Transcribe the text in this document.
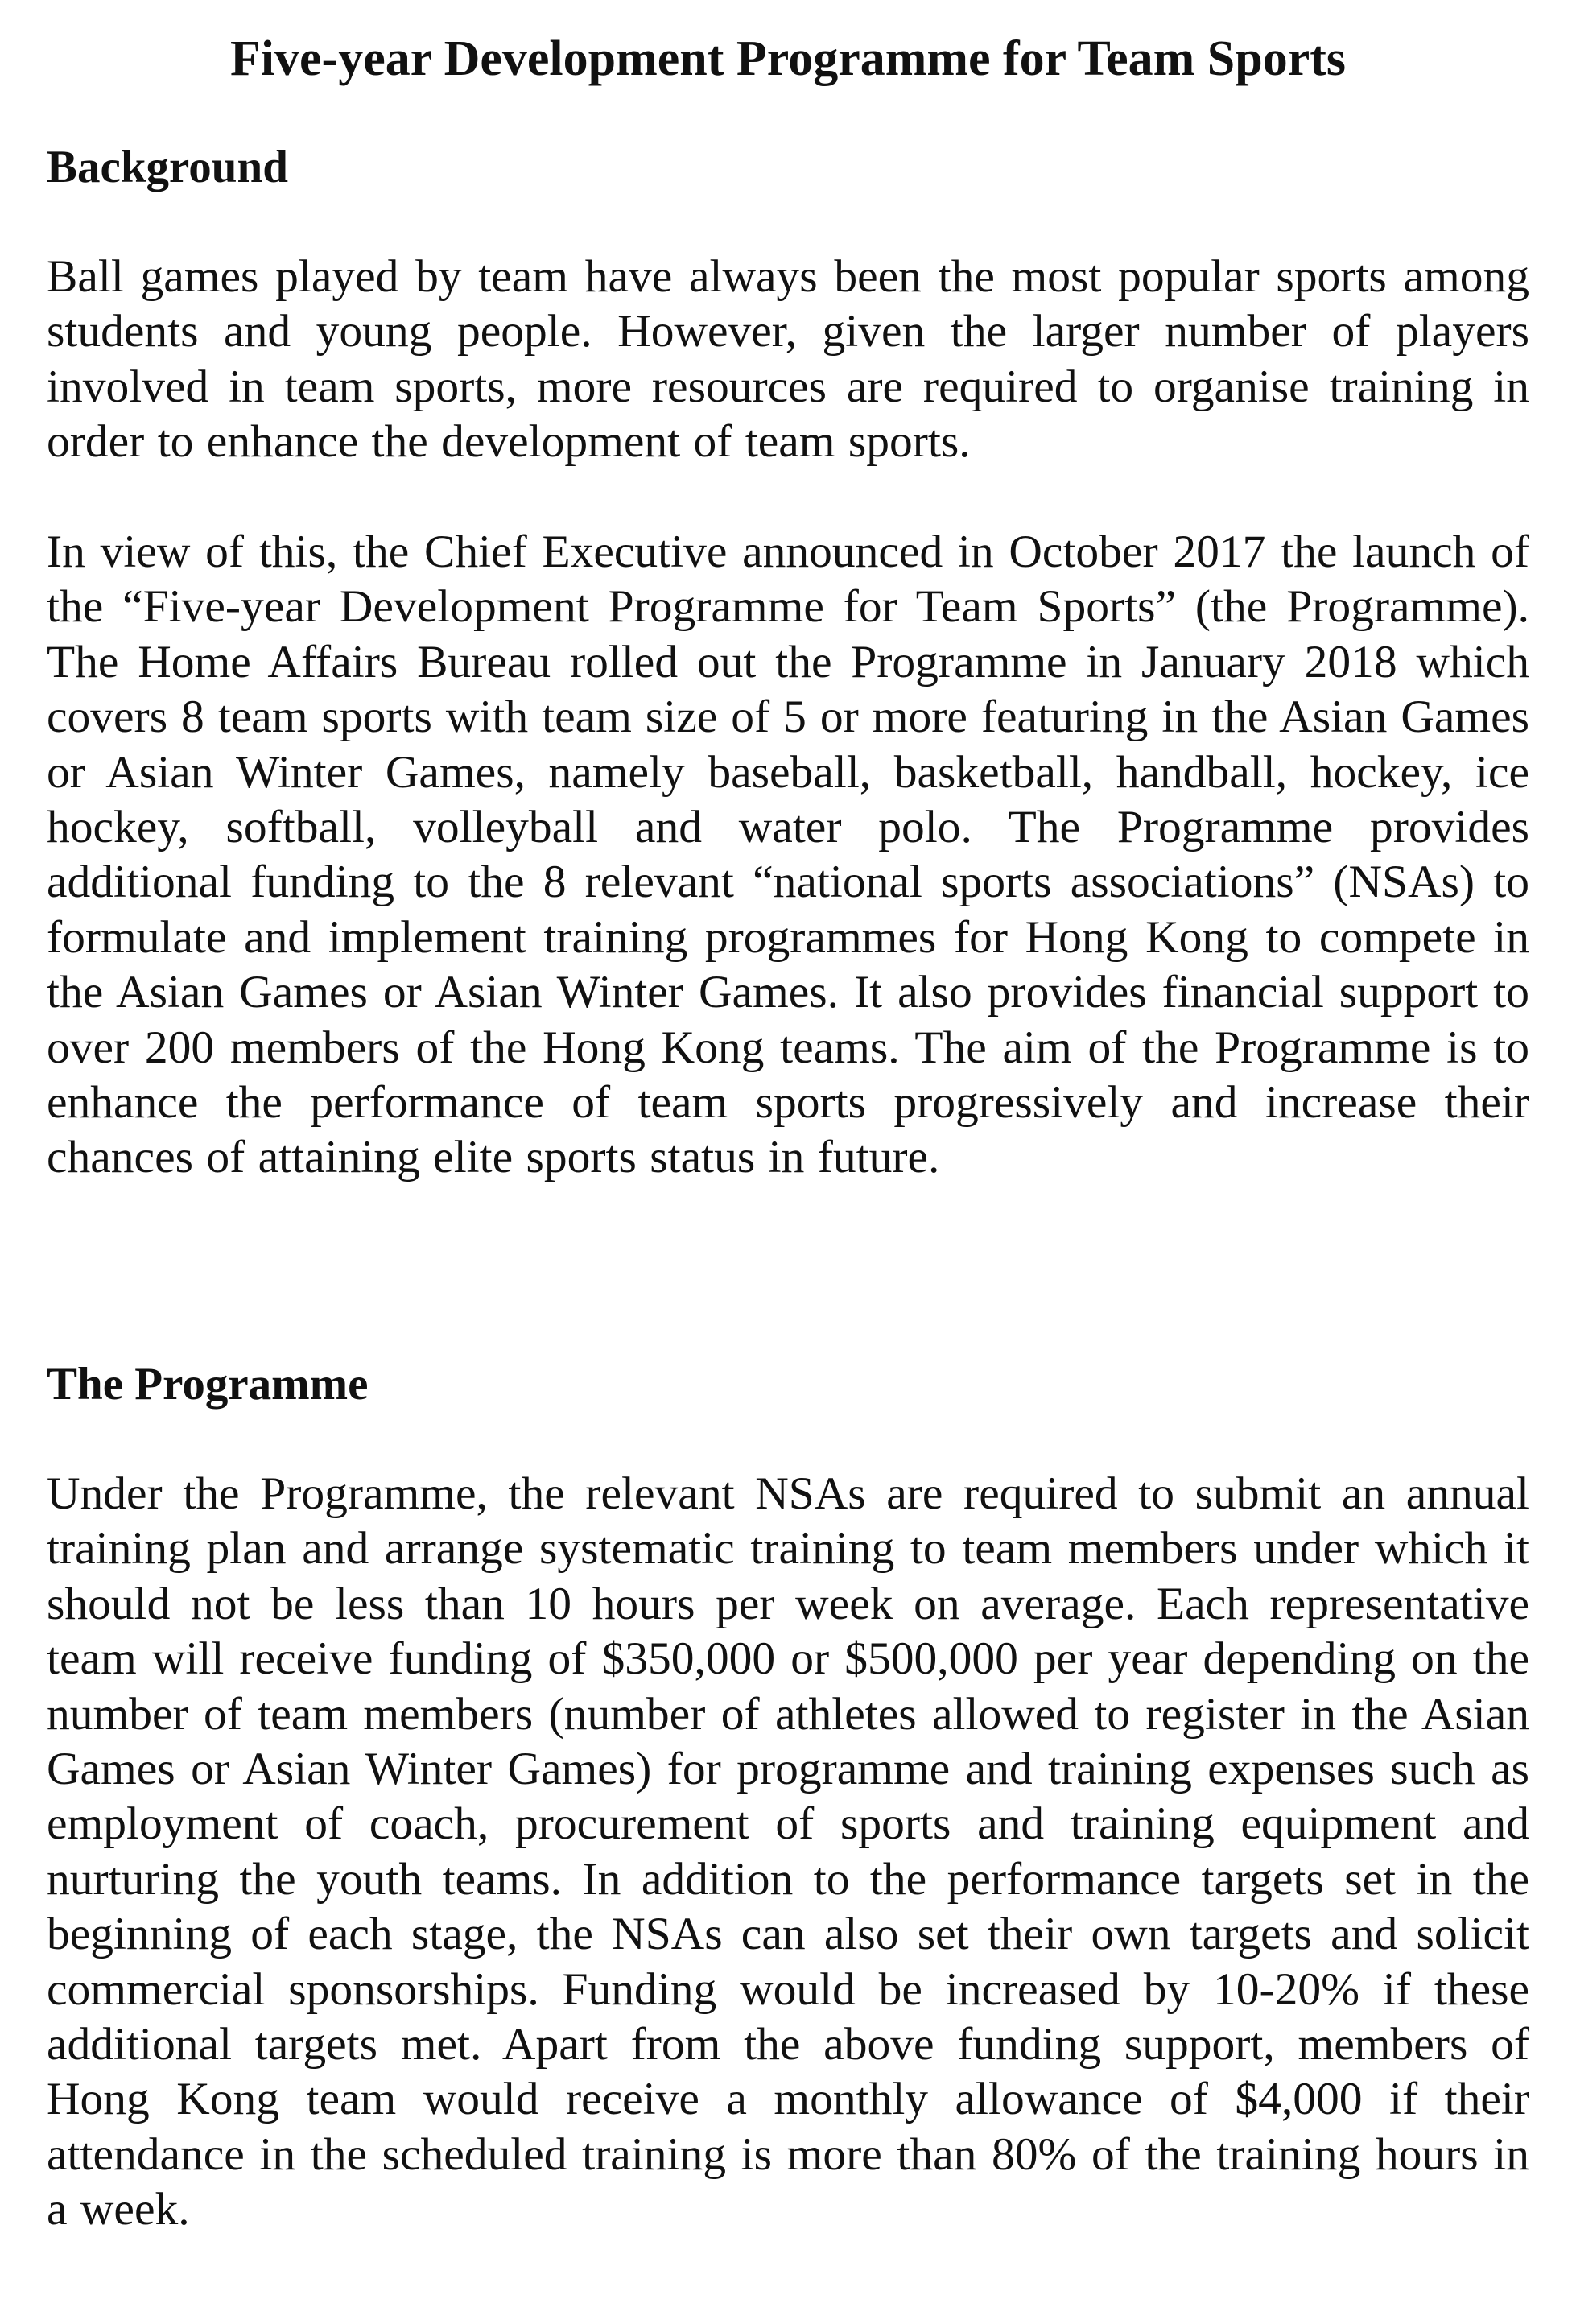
Five-year Development Programme for Team Sports
Background

Ball games played by team have always been the most popular sports among students and young people. However, given the larger number of players involved in team sports, more resources are required to organise training in order to enhance the development of team sports.

In view of this, the Chief Executive announced in October 2017 the launch of the “Five-year Development Programme for Team Sports” (the Programme). The Home Affairs Bureau rolled out the Programme in January 2018 which covers 8 team sports with team size of 5 or more featuring in the Asian Games or Asian Winter Games, namely baseball, basketball, handball, hockey, ice hockey, softball, volleyball and water polo. The Programme provides additional funding to the 8 relevant “national sports associations” (NSAs) to formulate and implement training programmes for Hong Kong to compete in the Asian Games or Asian Winter Games. It also provides financial support to over 200 members of the Hong Kong teams. The aim of the Programme is to enhance the performance of team sports progressively and increase their chances of attaining elite sports status in future.

The Programme

Under the Programme, the relevant NSAs are required to submit an annual training plan and arrange systematic training to team members under which it should not be less than 10 hours per week on average. Each representative team will receive funding of $350,000 or $500,000 per year depending on the number of team members (number of athletes allowed to register in the Asian Games or Asian Winter Games) for programme and training expenses such as employment of coach, procurement of sports and training equipment and nurturing the youth teams. In addition to the performance targets set in the beginning of each stage, the NSAs can also set their own targets and solicit commercial sponsorships. Funding would be increased by 10-20% if these additional targets met. Apart from the above funding support, members of Hong Kong team would receive a monthly allowance of $4,000 if their attendance in the scheduled training is more than 80% of the training hours in a week.
